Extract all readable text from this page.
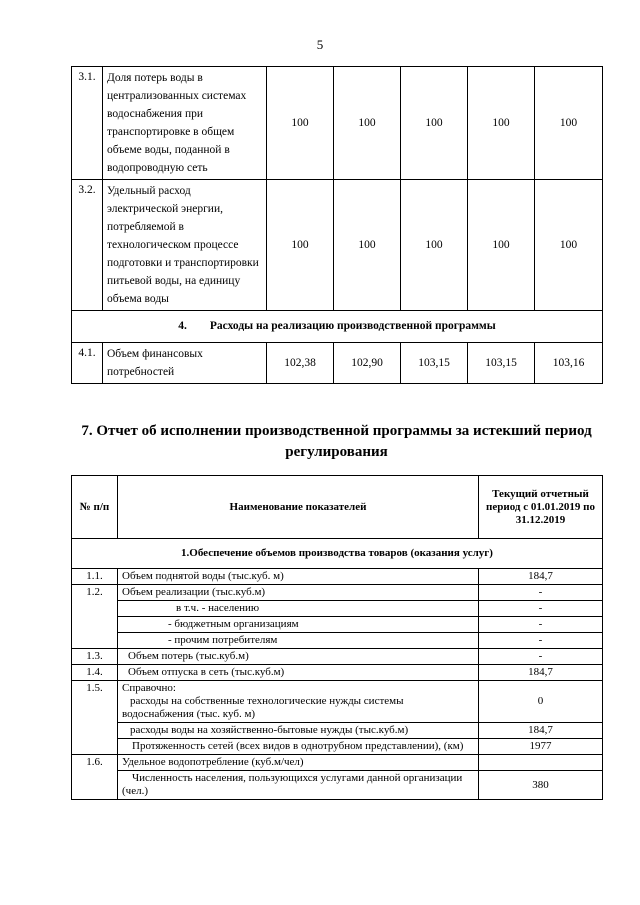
5
3.1.	Доля потерь воды в централизованных системах водоснабжения при транспортировке в общем объеме воды, поданной в водопроводную сеть	100	100	100	100	100
3.2.	Удельный расход электрической энергии, потребляемой в технологическом процессе подготовки и транспортировки питьевой воды, на единицу объема воды	100	100	100	100	100
4. Расходы на реализацию производственной программы						
4.1.	Объем финансовых потребностей	102,38	102,90	103,15	103,15	103,16
7. Отчет об исполнении производственной программы за истекший период регулирования
№ п/п	Наименование показателей	Текущий отчетный период с 01.01.2019 по 31.12.2019
1.Обеспечение объемов производства товаров (оказания услуг)		
1.1.	Объем поднятой воды (тыс.куб. м)	184,7
1.2.	Объем реализации (тыс.куб.м)	-
	в т.ч. - населению	-
	- бюджетным организациям	-
	- прочим потребителям	-
1.3.	Объем потерь (тыс.куб.м)	-
1.4.	Объем отпуска в сеть (тыс.куб.м)	184,7
1.5.	Справочно:
расходы на собственные технологические нужды системы водоснабжения (тыс. куб. м)	0
	расходы воды на хозяйственно-бытовые нужды (тыс.куб.м)	184,7
	Протяженность сетей (всех видов в однотрубном представлении), (км)	1977
1.6.	Удельное водопотребление (куб.м/чел)	
	Численность населения, пользующихся услугами данной организации (чел.)	380
